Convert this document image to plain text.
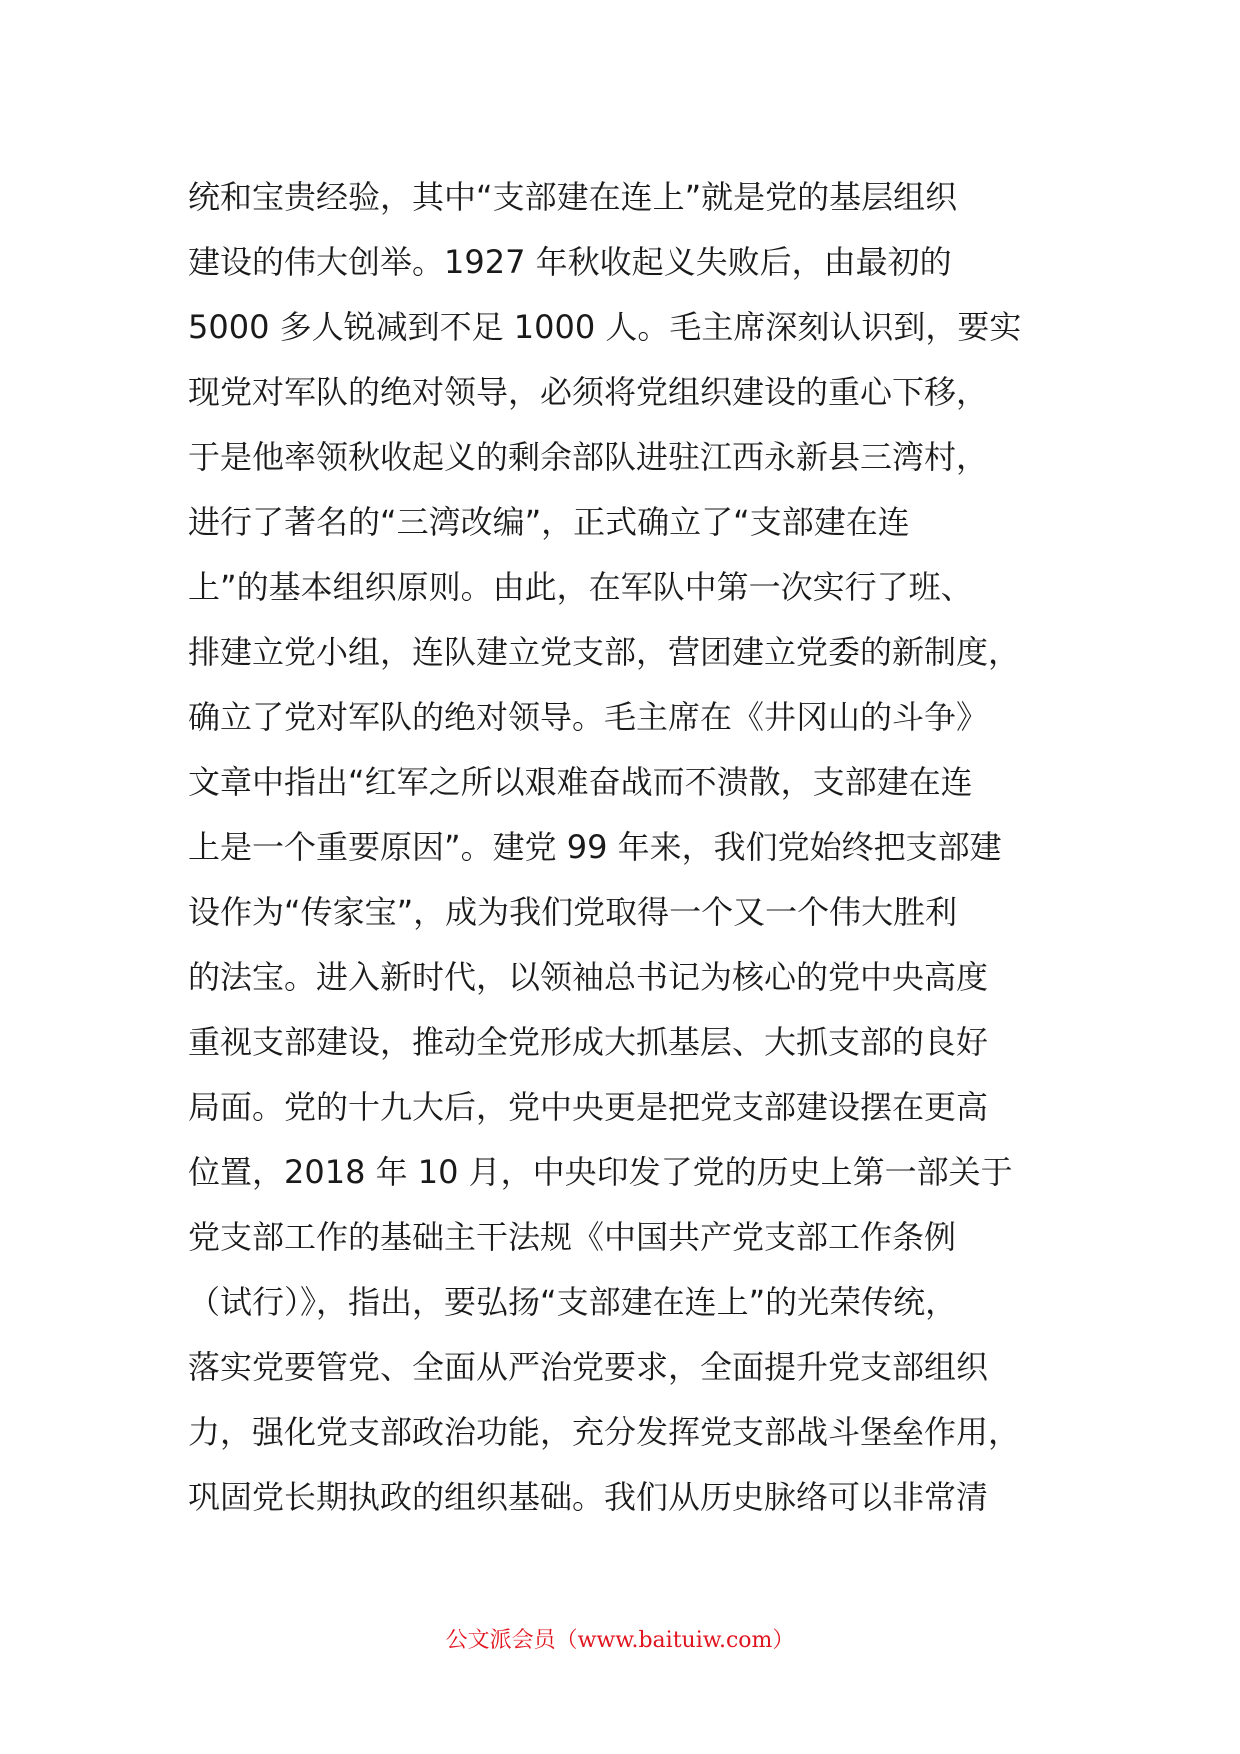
统和宝贵经验，其中“支部建在连上”就是党的基层组织
建设的伟大创举。1927 年秋收起义失败后，由最初的
5000 多人锐减到不足 1000 人。毛主席深刻认识到，要实
现党对军队的绝对领导，必须将党组织建设的重心下移，
于是他率领秋收起义的剩余部队进驻江西永新县三湾村，
进行了著名的“三湾改编”，正式确立了“支部建在连
上”的基本组织原则。由此，在军队中第一次实行了班、
排建立党小组，连队建立党支部，营团建立党委的新制度，
确立了党对军队的绝对领导。毛主席在《井冈山的斗争》
文章中指出“红军之所以艰难奋战而不溃散，支部建在连
上是一个重要原因”。建党 99 年来，我们党始终把支部建
设作为“传家宝”，成为我们党取得一个又一个伟大胜利
的法宝。进入新时代，以领袖总书记为核心的党中央高度
重视支部建设，推动全党形成大抓基层、大抓支部的良好
局面。党的十九大后，党中央更是把党支部建设摆在更高
位置，2018 年 10 月，中央印发了党的历史上第一部关于
党支部工作的基础主干法规《中国共产党支部工作条例
（试行）》，指出，要弘扬“支部建在连上”的光荣传统，
落实党要管党、全面从严治党要求，全面提升党支部组织
力，强化党支部政治功能，充分发挥党支部战斗堡垒作用，
巩固党长期执政的组织基础。我们从历史脉络可以非常清
公文派会员（www.baituiw.com）
